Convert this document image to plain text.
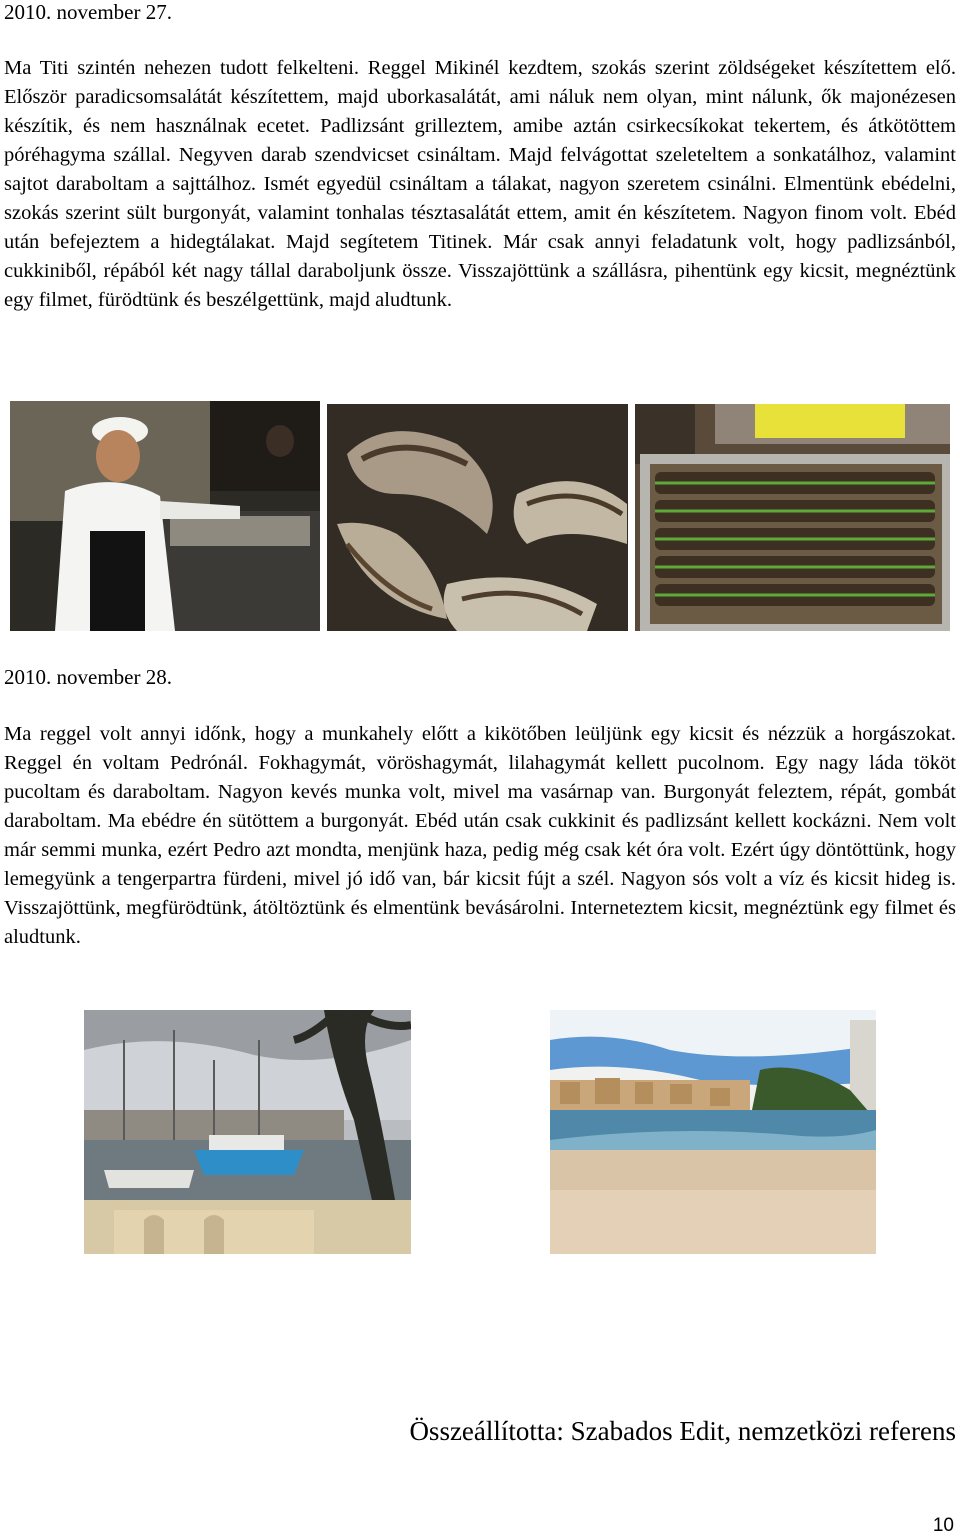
2010. november 27.

Ma Titi szintén nehezen tudott felkelteni. Reggel Mikinél kezdtem, szokás szerint zöldségeket készítettem elő. Először paradicsomsalátát készítettem, majd uborkasalátát, ami náluk nem olyan, mint nálunk, ők majonézesen készítik, és nem használnak ecetet. Padlizsánt grilleztem, amibe aztán csirkecsíkokat tekertem, és átkötöttem póréhagyma szállal. Negyven darab szendvicset csináltam. Majd felvágottat szeleteltem a sonkatálhoz, valamint sajtot daraboltam a sajttálhoz. Ismét egyedül csináltam a tálakat, nagyon szeretem csinálni. Elmentünk ebédelni, szokás szerint sült burgonyát, valamint tonhalas tésztasalátát ettem, amit én készítetem. Nagyon finom volt. Ebéd után befejeztem a hidegtálakat. Majd segítetem Titinek. Már csak annyi feladatunk volt, hogy padlizsánból, cukkiniből, répából két nagy tállal daraboljunk össze. Visszajöttünk a szállásra, pihentünk egy kicsit, megnéztünk egy filmet, fürödtünk és beszélgettünk, majd aludtunk.

2010. november 28.

Ma reggel volt annyi időnk, hogy a munkahely előtt a kikötőben leüljünk egy kicsit és nézzük a horgászokat. Reggel én voltam Pedrónál. Fokhagymát, vöröshagymát, lilahagymát kellett pucolnom. Egy nagy láda tököt pucoltam és daraboltam. Nagyon kevés munka volt, mivel ma vasárnap van. Burgonyát feleztem, répát, gombát daraboltam. Ma ebédre én sütöttem a burgonyát. Ebéd után csak cukkinit és padlizsánt kellett kockázni. Nem volt már semmi munka, ezért Pedro azt mondta, menjünk haza, pedig még csak két óra volt. Ezért úgy döntöttünk, hogy lemegyünk a tengerpartra fürdeni, mivel jó idő van, bár kicsit fújt a szél. Nagyon sós volt a víz és kicsit hideg is. Visszajöttünk, megfürödtünk, átöltöztünk és elmentünk bevásárolni. Interneteztem kicsit, megnéztünk egy filmet és aludtunk.

Összeállította: Szabados Edit, nemzetközi referens
10
